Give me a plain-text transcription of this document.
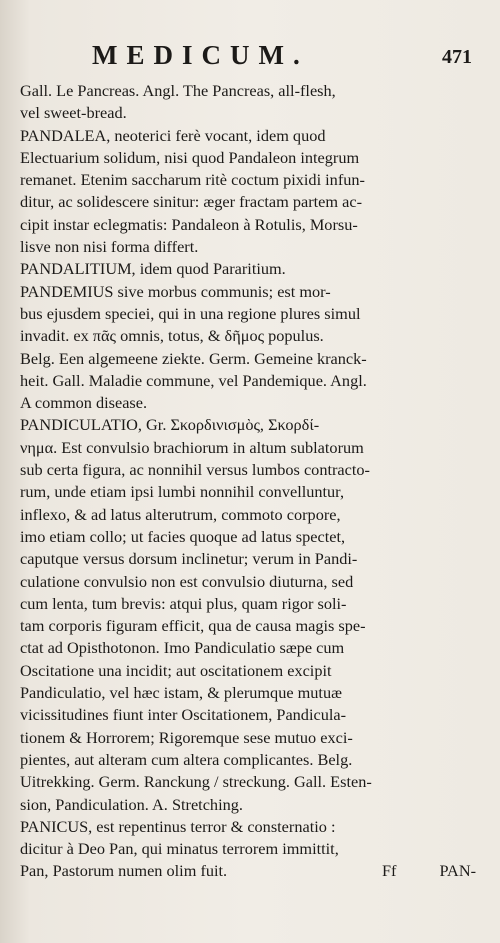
MEDICUM.	471
Gall. Le Pancreas. Angl. The Pancreas, all-flesh,
vel sweet-bread.
PANDALEA, neoterici ferè vocant, idem quod
Electuarium solidum, nisi quod Pandaleon integrum
remanet. Etenim saccharum ritè coctum pixidi infun-
ditur, ac solidescere sinitur: æger fractam partem ac-
cipit instar eclegmatis: Pandaleon à Rotulis, Morsu-
lisve non nisi forma differt.
PANDALITIUM, idem quod Pararitium.
PANDEMIUS sive morbus communis; est mor-
bus ejusdem speciei, qui in una regione plures simul
invadit. ex πᾶς omnis, totus, & δῆμος populus.
Belg. Een algemeene ziekte. Germ. Gemeine kranck-
heit. Gall. Maladie commune, vel Pandemique. Angl.
A common disease.
PANDICULATIO, Gr. Σκορδινισμὸς, Σκορδί-
νημα. Est convulsio brachiorum in altum sublatorum
sub certa figura, ac nonnihil versus lumbos contracto-
rum, unde etiam ipsi lumbi nonnihil convelluntur,
inflexo, & ad latus alterutrum, commoto corpore,
imo etiam collo; ut facies quoque ad latus spectet,
caputque versus dorsum inclinetur; verum in Pandi-
culatione convulsio non est convulsio diuturna, sed
cum lenta, tum brevis: atqui plus, quam rigor soli-
tam corporis figuram efficit, qua de causa magis spe-
ctat ad Opisthotonon. Imo Pandiculatio sæpe cum
Oscitatione una incidit; aut oscitationem excipit
Pandiculatio, vel hæc istam, & plerumque mutuæ
vicissitudines fiunt inter Oscitationem, Pandicula-
tionem & Horrorem; Rigoremque sese mutuo exci-
pientes, aut alteram cum altera complicantes. Belg.
Uitrekking. Germ. Ranckung / streckung. Gall. Esten-
sion, Pandiculation. A. Stretching.
PANICUS, est repentinus terror & consternatio :
dicitur à Deo Pan, qui minatus terrorem immittit,
Pan, Pastorum numen olim fuit.	Ff	PAN-
